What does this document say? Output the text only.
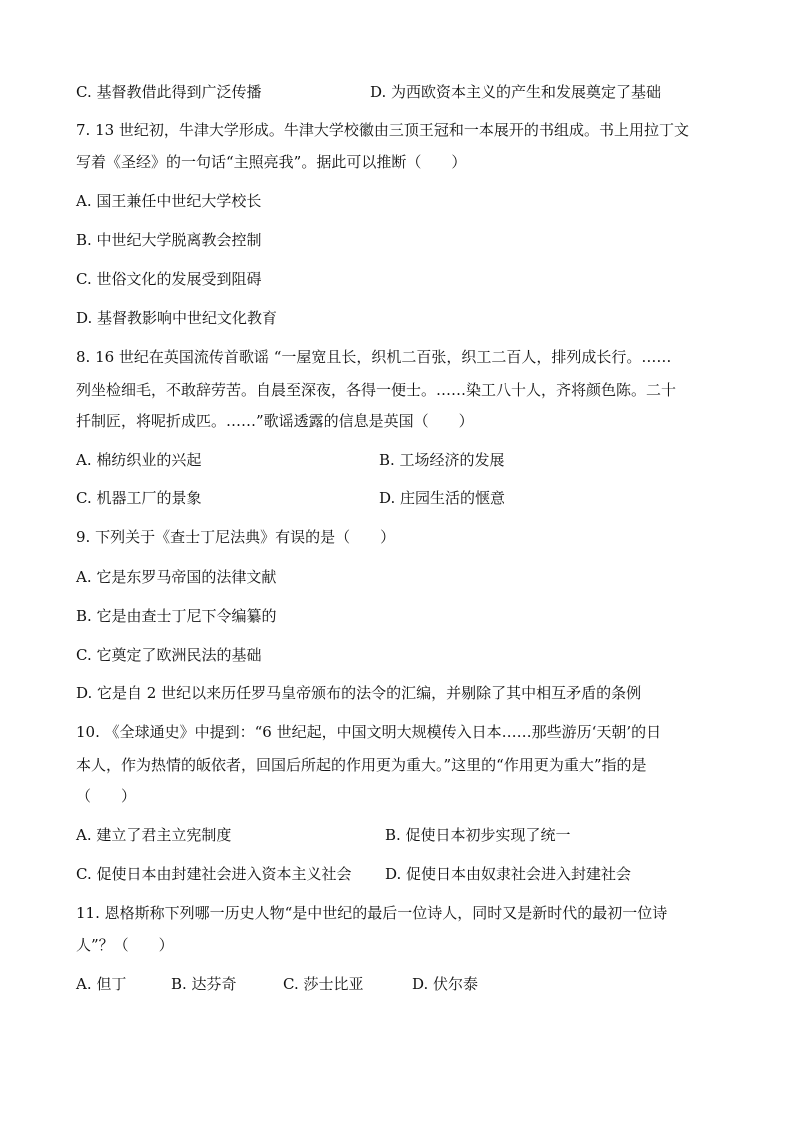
C. 基督教借此得到广泛传播	D. 为西欧资本主义的产生和发展奠定了基础
7. 13 世纪初，牛津大学形成。牛津大学校徽由三顶王冠和一本展开的书组成。书上用拉丁文
写着《圣经》的一句话“主照亮我”。据此可以推断（　　）
A. 国王兼任中世纪大学校长
B. 中世纪大学脱离教会控制
C. 世俗文化的发展受到阻碍
D. 基督教影响中世纪文化教育
8. 16 世纪在英国流传首歌谣 “一屋宽且长，织机二百张，织工二百人，排列成长行。……
列坐检细毛，不敢辞劳苦。自晨至深夜，各得一便士。……染工八十人，齐将颜色陈。二十
扦制匠，将呢折成匹。……”歌谣透露的信息是英国（　　）
A. 棉纺织业的兴起	B. 工场经济的发展
C. 机器工厂的景象	D. 庄园生活的惬意
9. 下列关于《查士丁尼法典》有误的是（　　）
A. 它是东罗马帝国的法律文献
B. 它是由查士丁尼下令编纂的
C. 它奠定了欧洲民法的基础
D. 它是自 2 世纪以来历任罗马皇帝颁布的法令的汇编，并剔除了其中相互矛盾的条例
10. 《全球通史》中提到：“6 世纪起，中国文明大规模传入日本……那些游历‘天朝’的日
本人，作为热情的皈依者，回国后所起的作用更为重大。”这里的“作用更为重大”指的是
（　　）
A. 建立了君主立宪制度	B. 促使日本初步实现了统一
C. 促使日本由封建社会进入资本主义社会 D. 促使日本由奴隶社会进入封建社会
11. 恩格斯称下列哪一历史人物“是中世纪的最后一位诗人，同时又是新时代的最初一位诗
人”？（　　）
A. 但丁	B. 达芬奇	C. 莎士比亚	D. 伏尔泰
